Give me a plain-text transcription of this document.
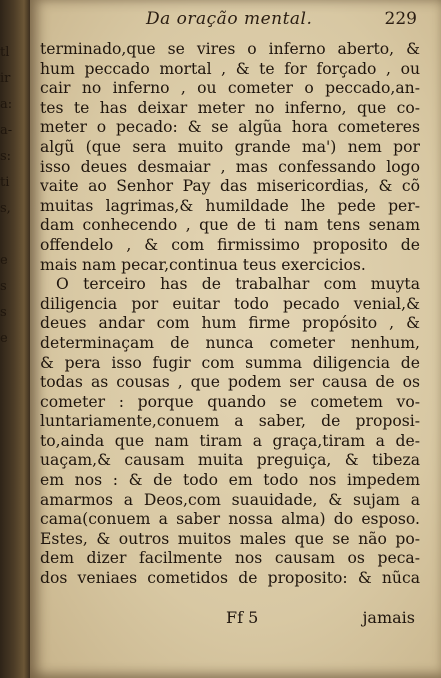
tl
ir
a:
a-
s:
ti
s,
e
s
s
e
Da oração mental.	229
terminado,que se vires o inferno aberto, &
hum peccado mortal , & te for forçado , ou
cair no inferno , ou cometer o peccado,an-
tes te has deixar meter no inferno, que co-
meter o pecado: & se algũa hora cometeres
algũ (que sera muito grande ma') nem por
isso deues desmaiar , mas confessando logo
vaite ao Senhor Pay das misericordias, & cõ
muitas lagrimas,& humildade lhe pede per-
dam conhecendo , que de ti nam tens senam
offendelo , & com firmissimo proposito de
mais nam pecar,continua teus exercicios.
O terceiro has de trabalhar com muyta
diligencia por euitar todo pecado venial,&
deues andar com hum firme propósito , &
determinaçam de nunca cometer nenhum,
& pera isso fugir com summa diligencia de
todas as cousas , que podem ser causa de os
cometer : porque quando se cometem vo-
luntariamente,conuem a saber, de proposi-
to,ainda que nam tiram a graça,tiram a de-
uaçam,& causam muita preguiça, & tibeza
em nos : & de todo em todo nos impedem
amarmos a Deos,com suauidade, & sujam a
cama(conuem a saber nossa alma) do esposo.
Estes, & outros muitos males que se não po-
dem dizer facilmente nos causam os peca-
dos veniaes cometidos de proposito: & nũca
Ff 5	jamais
